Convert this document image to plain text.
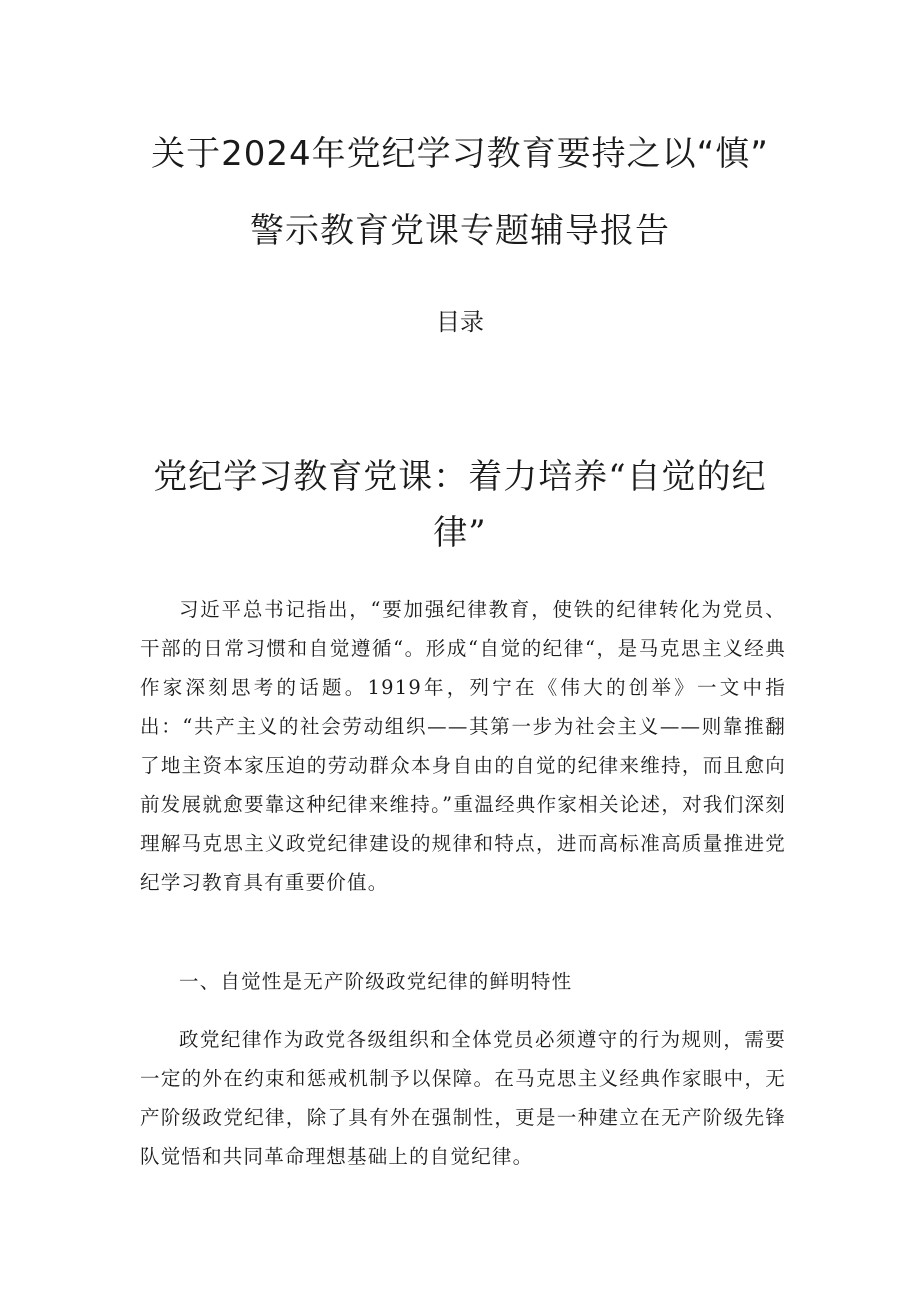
关于2024年党纪学习教育要持之以“慎”
警示教育党课专题辅导报告
目录
党纪学习教育党课：着力培养“自觉的纪律”

习近平总书记指出，“要加强纪律教育，使铁的纪律转化为党员、干部的日常习惯和自觉遵循“。形成“自觉的纪律“，是马克思主义经典作家深刻思考的话题。1919年，列宁在《伟大的创举》一文中指出：“共产主义的社会劳动组织——其第一步为社会主义——则靠推翻了地主资本家压迫的劳动群众本身自由的自觉的纪律来维持，而且愈向前发展就愈要靠这种纪律来维持。”重温经典作家相关论述，对我们深刻理解马克思主义政党纪律建设的规律和特点，进而高标准高质量推进党纪学习教育具有重要价值。

一、自觉性是无产阶级政党纪律的鲜明特性

政党纪律作为政党各级组织和全体党员必须遵守的行为规则，需要一定的外在约束和惩戒机制予以保障。在马克思主义经典作家眼中，无产阶级政党纪律，除了具有外在强制性，更是一种建立在无产阶级先锋队觉悟和共同革命理想基础上的自觉纪律。
